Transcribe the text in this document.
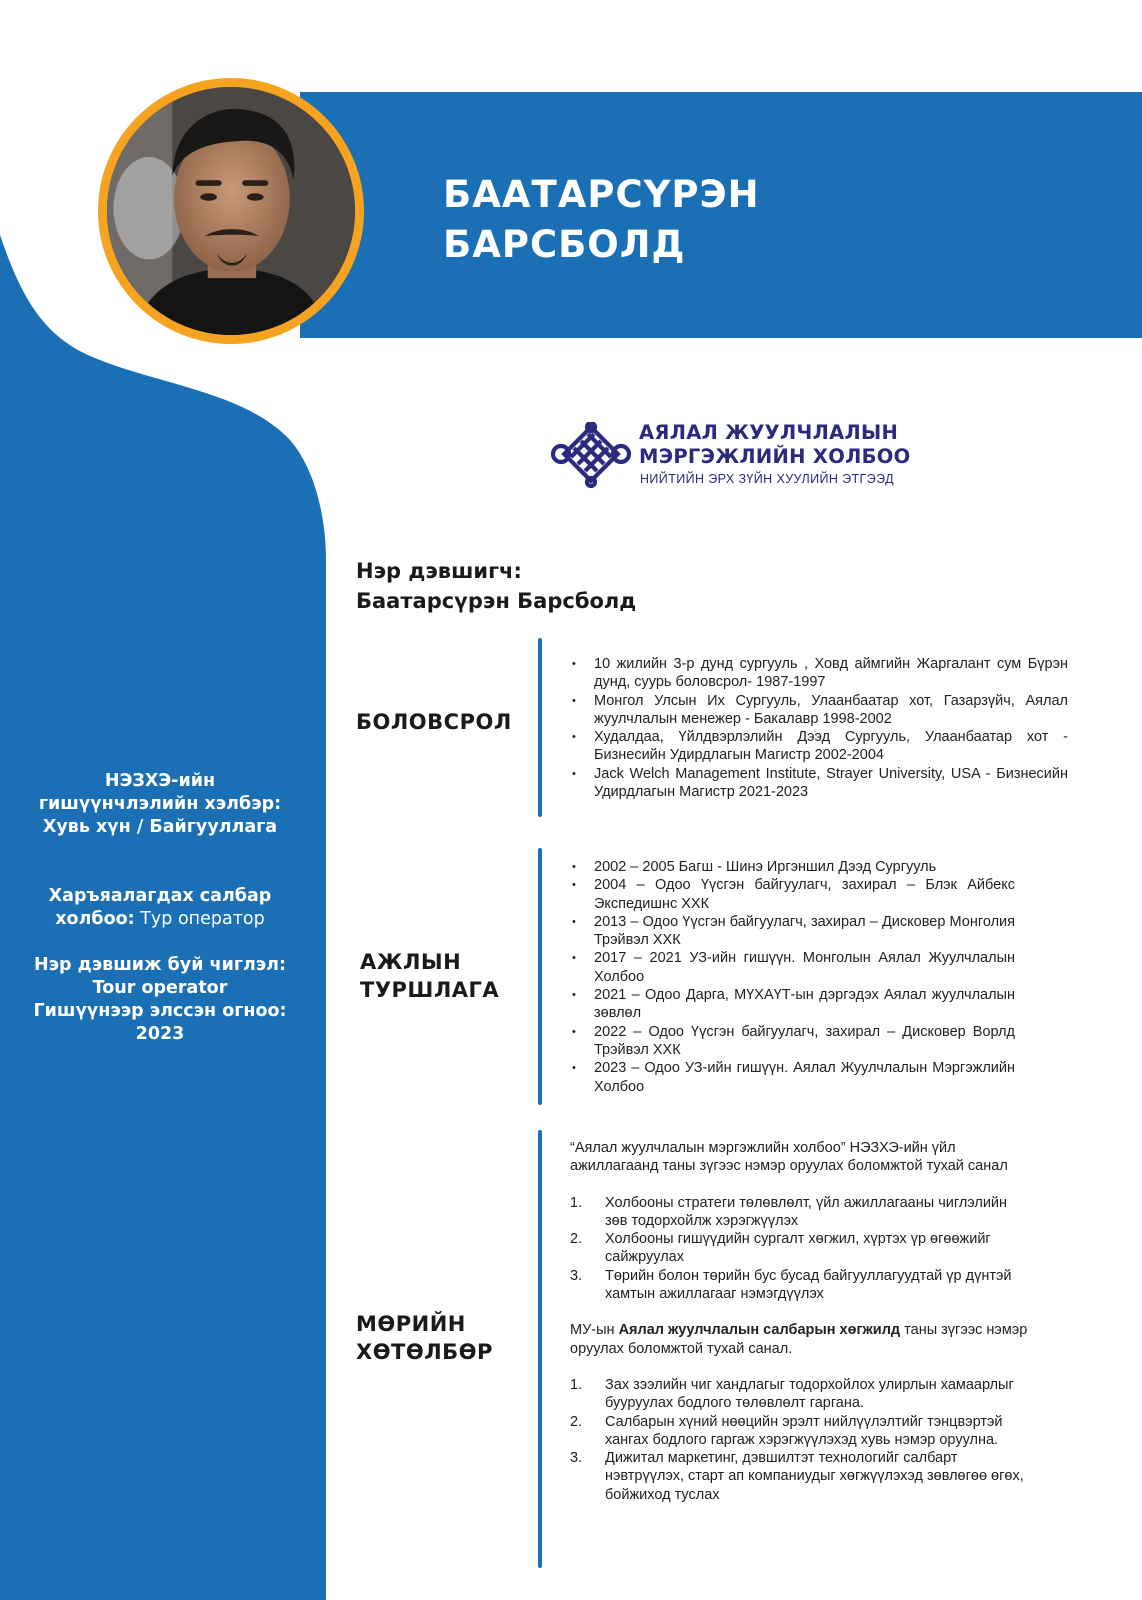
БААТАРСҮРЭН
БАРСБОЛД
АЯЛАЛ ЖУУЛЧЛАЛЫН
МЭРГЭЖЛИЙН ХОЛБОО
НИЙТИЙН ЭРХ ЗҮЙН ХУУЛИЙН ЭТГЭЭД
НЭЗХЭ-ийн гишүүнчлэлийн хэлбэр: Хувь хүн / Байгууллага
Харъяалагдах салбар холбоо: Тур оператор
Нэр дэвшиж буй чиглэл: Tour operator
Гишүүнээр элссэн огноо: 2023
Нэр дэвшигч:
Баатарсүрэн Барсболд
БОЛОВСРОЛ
• 10 жилийн 3-р дунд сургууль , Ховд аймгийн Жаргалант сум Бүрэн дунд, суурь боловсрол- 1987-1997
• Монгол Улсын Их Сургууль, Улаанбаатар хот, Газарзүйч, Аялал жуулчлалын менежер - Бакалавр 1998-2002
• Худалдаа, Үйлдвэрлэлийн Дээд Сургууль, Улаанбаатар хот - Бизнесийн Удирдлагын Магистр 2002-2004
• Jack Welch Management Institute, Strayer University, USA - Бизнесийн Удирдлагын Магистр 2021-2023
АЖЛЫН
ТУРШЛАГА
• 2002 – 2005 Багш - Шинэ Иргэншил Дээд Сургууль
• 2004 – Одоо Үүсгэн байгуулагч, захирал – Блэк Айбекс Экспедишнс ХХК
• 2013 – Одоо Үүсгэн байгуулагч, захирал – Дисковер Монголия Трэйвэл ХХК
• 2017 – 2021 УЗ-ийн гишүүн. Монголын Аялал Жуулчлалын Холбоо
• 2021 – Одоо Дарга, МҮХАҮТ-ын дэргэдэх Аялал жуулчлалын зөвлөл
• 2022 – Одоо Үүсгэн байгуулагч, захирал – Дисковер Ворлд Трэйвэл ХХК
• 2023 – Одоо УЗ-ийн гишүүн. Аялал Жуулчлалын Мэргэжлийн Холбоо
МӨРИЙН
ХӨТӨЛБӨР

“Аялал жуулчлалын мэргэжлийн холбоо” НЭЗХЭ-ийн үйл ажиллагаанд таны зүгээс нэмэр оруулах боломжтой тухай санал

1. Холбооны стратеги төлөвлөлт, үйл ажиллагааны чиглэлийн зөв тодорхойлж хэрэгжүүлэх
2. Холбооны гишүүдийн сургалт хөгжил, хүртэх үр өгөөжийг сайжруулах
3. Төрийн болон төрийн бус бусад байгууллагуудтай үр дүнтэй хамтын ажиллагааг нэмэгдүүлэх

МУ-ын Аялал жуулчлалын салбарын хөгжилд таны зүгээс нэмэр оруулах боломжтой тухай санал.

1. Зах зээлийн чиг хандлагыг тодорхойлох улирлын хамаарлыг бууруулах бодлого төлөвлөлт гаргана.
2. Салбарын хүний нөөцийн эрэлт нийлүүлэлтийг тэнцвэртэй хангах бодлого гаргаж хэрэгжүүлэхэд хувь нэмэр оруулна.
3. Дижитал маркетинг, дэвшилтэт технологийг салбарт нэвтрүүлэх, старт ап компаниудыг хөгжүүлэхэд зөвлөгөө өгөх, бойжиход туслах
